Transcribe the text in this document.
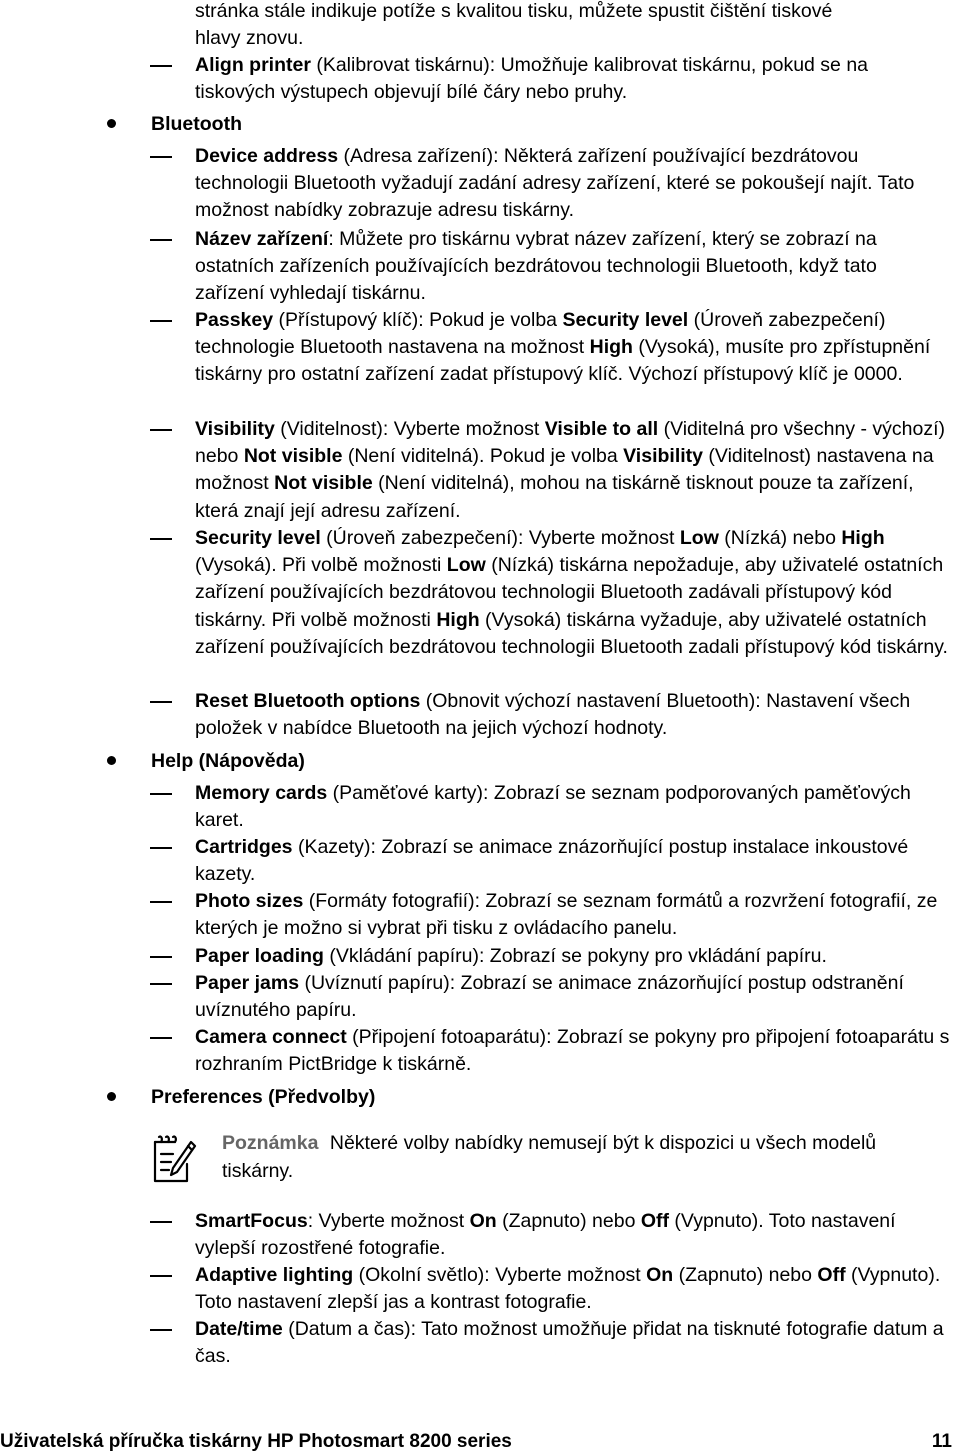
stránka stále indikuje potíže s kvalitou tisku, můžete spustit čištění tiskové
hlavy znovu.
Align printer (Kalibrovat tiskárnu): Umožňuje kalibrovat tiskárnu, pokud se na tiskových výstupech objevují bílé čáry nebo pruhy.
Bluetooth
Device address (Adresa zařízení): Některá zařízení používající bezdrátovou technologii Bluetooth vyžadují zadání adresy zařízení, které se pokoušejí najít. Tato možnost nabídky zobrazuje adresu tiskárny.
Název zařízení: Můžete pro tiskárnu vybrat název zařízení, který se zobrazí na ostatních zařízeních používajících bezdrátovou technologii Bluetooth, když tato zařízení vyhledají tiskárnu.
Passkey (Přístupový klíč): Pokud je volba Security level (Úroveň zabezpečení) technologie Bluetooth nastavena na možnost High (Vysoká), musíte pro zpřístupnění tiskárny pro ostatní zařízení zadat přístupový klíč. Výchozí přístupový klíč je 0000.
Visibility (Viditelnost): Vyberte možnost Visible to all (Viditelná pro všechny - výchozí) nebo Not visible (Není viditelná). Pokud je volba Visibility (Viditelnost) nastavena na možnost Not visible (Není viditelná), mohou na tiskárně tisknout pouze ta zařízení, která znají její adresu zařízení.
Security level (Úroveň zabezpečení): Vyberte možnost Low (Nízká) nebo High (Vysoká). Při volbě možnosti Low (Nízká) tiskárna nepožaduje, aby uživatelé ostatních zařízení používajících bezdrátovou technologii Bluetooth zadávali přístupový kód tiskárny. Při volbě možnosti High (Vysoká) tiskárna vyžaduje, aby uživatelé ostatních zařízení používajících bezdrátovou technologii Bluetooth zadali přístupový kód tiskárny.
Reset Bluetooth options (Obnovit výchozí nastavení Bluetooth): Nastavení všech položek v nabídce Bluetooth na jejich výchozí hodnoty.
Help (Nápověda)
Memory cards (Paměťové karty): Zobrazí se seznam podporovaných paměťových karet.
Cartridges (Kazety): Zobrazí se animace znázorňující postup instalace inkoustové kazety.
Photo sizes (Formáty fotografií): Zobrazí se seznam formátů a rozvržení fotografií, ze kterých je možno si vybrat při tisku z ovládacího panelu.
Paper loading (Vkládání papíru): Zobrazí se pokyny pro vkládání papíru.
Paper jams (Uvíznutí papíru): Zobrazí se animace znázorňující postup odstranění uvíznutého papíru.
Camera connect (Připojení fotoaparátu): Zobrazí se pokyny pro připojení fotoaparátu s rozhraním PictBridge k tiskárně.
Preferences (Předvolby)
Poznámka Některé volby nabídky nemusejí být k dispozici u všech modelů tiskárny.
SmartFocus: Vyberte možnost On (Zapnuto) nebo Off (Vypnuto). Toto nastavení vylepší rozostřené fotografie.
Adaptive lighting (Okolní světlo): Vyberte možnost On (Zapnuto) nebo Off (Vypnuto). Toto nastavení zlepší jas a kontrast fotografie.
Date/time (Datum a čas): Tato možnost umožňuje přidat na tisknuté fotografie datum a čas.
Uživatelská příručka tiskárny HP Photosmart 8200 series	11
